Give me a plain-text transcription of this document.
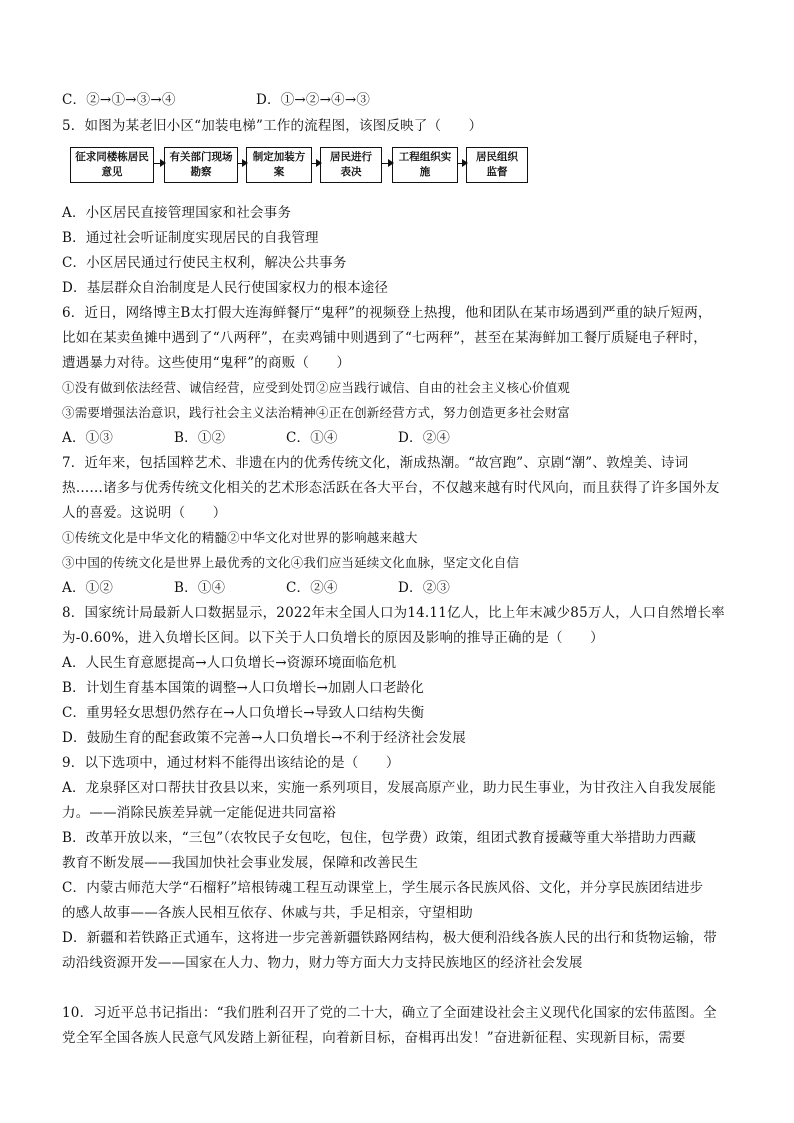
C．②→①→③→④	D．①→②→④→③
5．如图为某老旧小区“加装电梯”工作的流程图，该图反映了（　　）
征求同楼栋居民意见
有关部门现场勘察
制定加装方案
居民进行表决
工程组织实施
居民组织监督
A．小区居民直接管理国家和社会事务
B．通过社会听证制度实现居民的自我管理
C．小区居民通过行使民主权利，解决公共事务
D．基层群众自治制度是人民行使国家权力的根本途径
6．近日，网络博主B太打假大连海鲜餐厅“鬼秤”的视频登上热搜，他和团队在某市场遇到严重的缺斤短两，
比如在某卖鱼摊中遇到了“八两秤”，在卖鸡铺中则遇到了“七两秤”，甚至在某海鲜加工餐厅质疑电子秤时，
遭遇暴力对待。这些使用“鬼秤”的商贩（　　）
①没有做到依法经营、诚信经营，应受到处罚②应当践行诚信、自由的社会主义核心价值观
③需要增强法治意识，践行社会主义法治精神④正在创新经营方式，努力创造更多社会财富
A．①③	B．①②	C．①④	D．②④
7．近年来，包括国粹艺术、非遗在内的优秀传统文化，渐成热潮。“故宫跑”、京剧“潮”、敦煌美、诗词
热……诸多与优秀传统文化相关的艺术形态活跃在各大平台，不仅越来越有时代风向，而且获得了许多国外友
人的喜爱。这说明（　　）
①传统文化是中华文化的精髓②中华文化对世界的影响越来越大
③中国的传统文化是世界上最优秀的文化④我们应当延续文化血脉，坚定文化自信
A．①②	B．①④	C．②④	D．②③
8．国家统计局最新人口数据显示，2022年末全国人口为14.11亿人，比上年末减少85万人，人口自然增长率
为-0.60%，进入负增长区间。以下关于人口负增长的原因及影响的推导正确的是（　　）
A．人民生育意愿提高→人口负增长→资源环境面临危机
B．计划生育基本国策的调整→人口负增长→加剧人口老龄化
C．重男轻女思想仍然存在→人口负增长→导致人口结构失衡
D．鼓励生育的配套政策不完善→人口负增长→不利于经济社会发展
9．以下选项中，通过材料不能得出该结论的是（　　）
A．龙泉驿区对口帮扶甘孜县以来，实施一系列项目，发展高原产业，助力民生事业，为甘孜注入自我发展能
力。——消除民族差异就一定能促进共同富裕
B．改革开放以来，“三包”（农牧民子女包吃，包住，包学费）政策，组团式教育援藏等重大举措助力西藏
教育不断发展——我国加快社会事业发展，保障和改善民生
C．内蒙古师范大学“石榴籽”培根铸魂工程互动课堂上，学生展示各民族风俗、文化，并分享民族团结进步
的感人故事——各族人民相互依存、休戚与共，手足相亲，守望相助
D．新疆和若铁路正式通车，这将进一步完善新疆铁路网结构，极大便利沿线各族人民的出行和货物运输，带
动沿线资源开发——国家在人力、物力，财力等方面大力支持民族地区的经济社会发展
10．习近平总书记指出：“我们胜利召开了党的二十大，确立了全面建设社会主义现代化国家的宏伟蓝图。全
党全军全国各族人民意气风发踏上新征程，向着新目标，奋楫再出发！”奋进新征程、实现新目标，需要
